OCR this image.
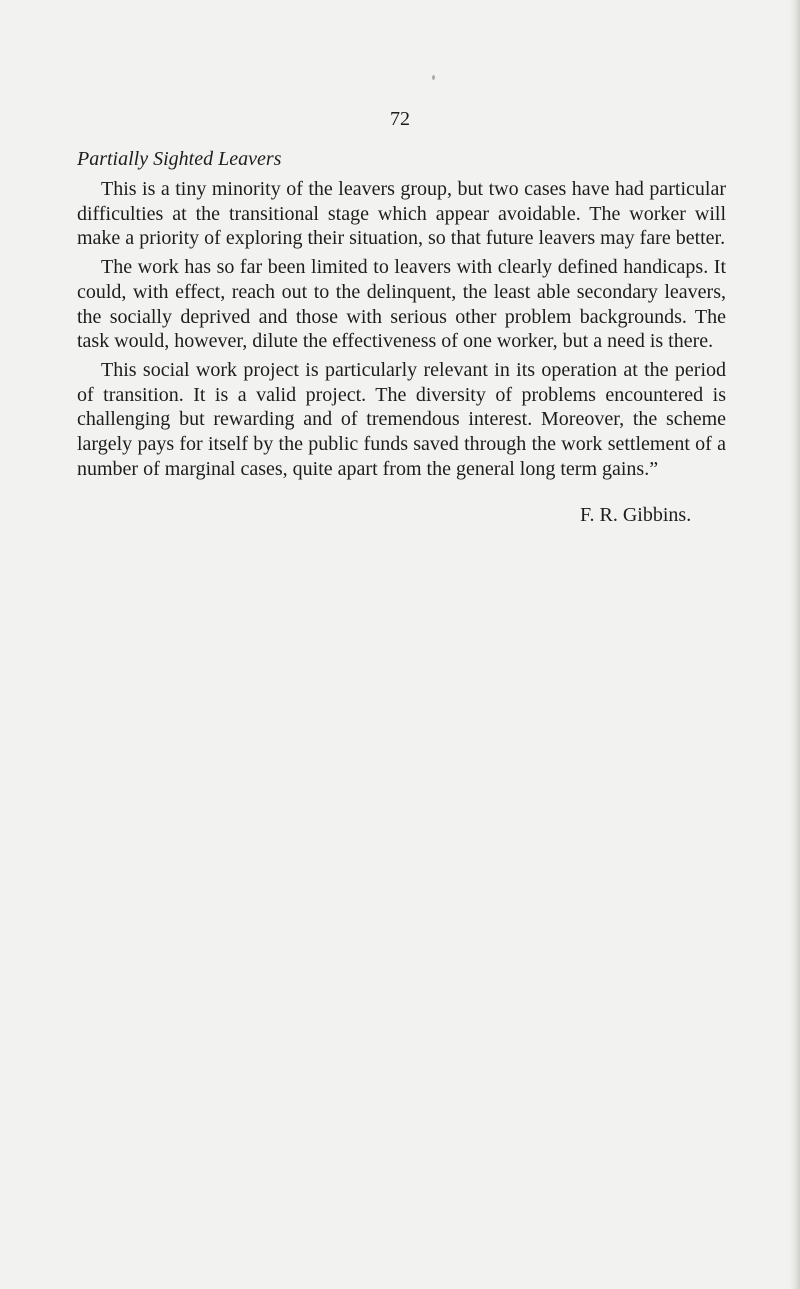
72
Partially Sighted Leavers

This is a tiny minority of the leavers group, but two cases have had particular difficulties at the transitional stage which appear avoidable. The worker will make a priority of exploring their situation, so that future leavers may fare better.

The work has so far been limited to leavers with clearly defined handicaps. It could, with effect, reach out to the delinquent, the least able secondary leavers, the socially deprived and those with serious other problem backgrounds. The task would, however, dilute the effectiveness of one worker, but a need is there.

This social work project is particularly relevant in its operation at the period of transition. It is a valid project. The diversity of problems encountered is challenging but rewarding and of tremendous interest. Moreover, the scheme largely pays for itself by the public funds saved through the work settlement of a number of marginal cases, quite apart from the general long term gains.”

F. R. Gibbins.
